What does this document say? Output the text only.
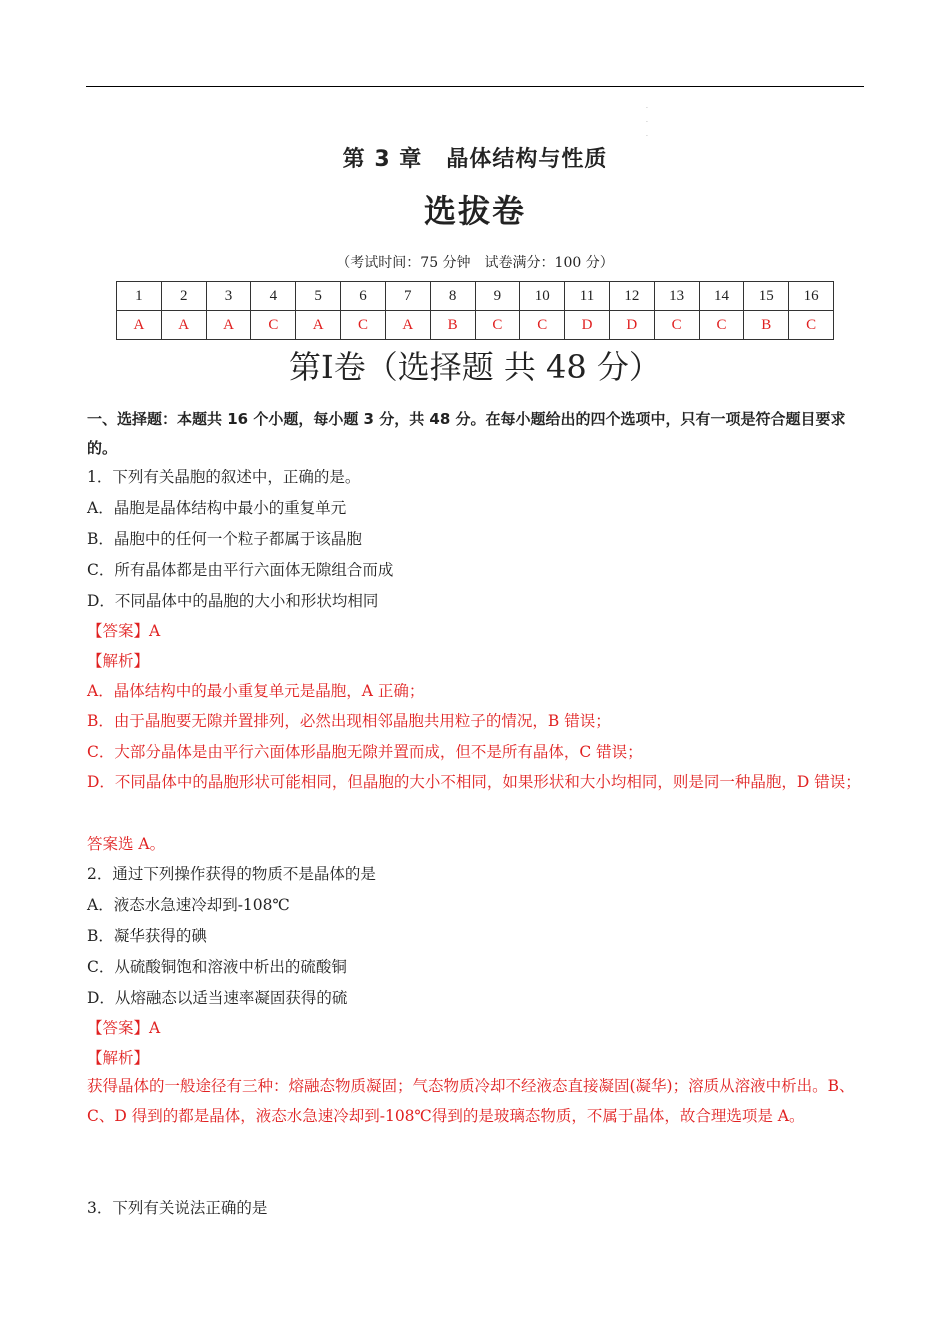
.
.
.
第 3 章 晶体结构与性质
选拔卷
（考试时间：75 分钟　试卷满分：100 分）
1	2	3	4	5	6	7	8	9	10	11	12	13	14	15	16
A	A	A	C	A	C	A	B	C	C	D	D	C	C	B	C
第Ⅰ卷（选择题 共 48 分）
一、选择题：本题共 16 个小题，每小题 3 分，共 48 分。在每小题给出的四个选项中，只有一项是符合题目要求的。
1．下列有关晶胞的叙述中，正确的是。
A．晶胞是晶体结构中最小的重复单元
B．晶胞中的任何一个粒子都属于该晶胞
C．所有晶体都是由平行六面体无隙组合而成
D．不同晶体中的晶胞的大小和形状均相同
【答案】A
【解析】
A．晶体结构中的最小重复单元是晶胞，A 正确；
B．由于晶胞要无隙并置排列，必然出现相邻晶胞共用粒子的情况，B 错误；
C．大部分晶体是由平行六面体形晶胞无隙并置而成，但不是所有晶体，C 错误；
D．不同晶体中的晶胞形状可能相同，但晶胞的大小不相同，如果形状和大小均相同，则是同一种晶胞，D 错误；
答案选 A。
2．通过下列操作获得的物质不是晶体的是
A．液态水急速冷却到-108℃
B．凝华获得的碘
C．从硫酸铜饱和溶液中析出的硫酸铜
D．从熔融态以适当速率凝固获得的硫
【答案】A
【解析】
获得晶体的一般途径有三种：熔融态物质凝固；气态物质冷却不经液态直接凝固(凝华)；溶质从溶液中析出。B、C、D 得到的都是晶体，液态水急速冷却到-108℃得到的是玻璃态物质，不属于晶体，故合理选项是 A。
3．下列有关说法正确的是
